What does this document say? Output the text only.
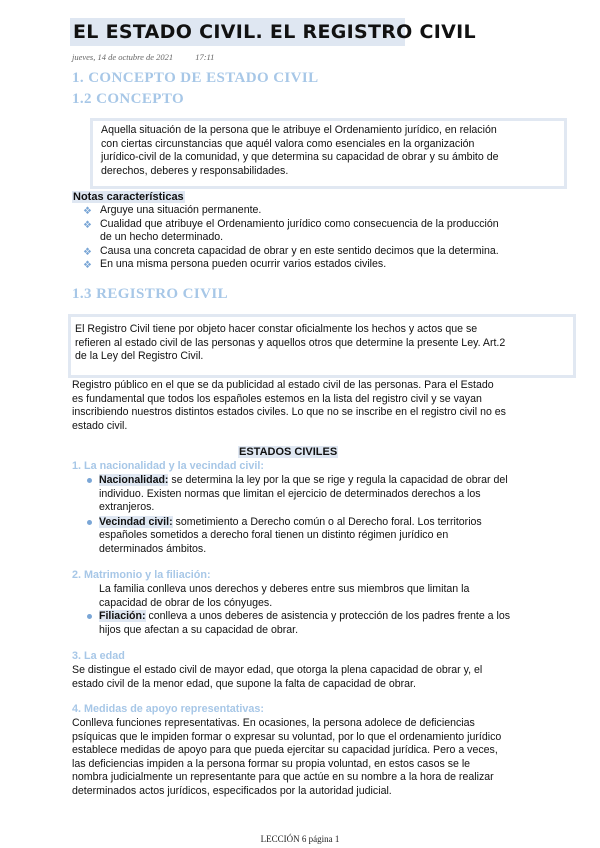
EL ESTADO CIVIL. EL REGISTRO CIVIL
jueves, 14 de octubre de 2021	17:11
1. CONCEPTO DE ESTADO CIVIL
1.2 CONCEPTO
Aquella situación de la persona que le atribuye el Ordenamiento jurídico, en relación
con ciertas circunstancias que aquél valora como esenciales en la organización
jurídico-civil de la comunidad, y que determina su capacidad de obrar y su ámbito de
derechos, deberes y responsabilidades.
Notas características
❖ Arguye una situación permanente.
❖ Cualidad que atribuye el Ordenamiento jurídico como consecuencia de la producción
de un hecho determinado.
❖ Causa una concreta capacidad de obrar y en este sentido decimos que la determina.
❖ En una misma persona pueden ocurrir varios estados civiles.
1.3 REGISTRO CIVIL
El Registro Civil tiene por objeto hacer constar oficialmente los hechos y actos que se
refieren al estado civil de las personas y aquellos otros que determine la presente Ley. Art.2
de la Ley del Registro Civil.
Registro público en el que se da publicidad al estado civil de las personas. Para el Estado
es fundamental que todos los españoles estemos en la lista del registro civil y se vayan
inscribiendo nuestros distintos estados civiles. Lo que no se inscribe en el registro civil no es
estado civil.
ESTADOS CIVILES
1. La nacionalidad y la vecindad civil:
Nacionalidad: se determina la ley por la que se rige y regula la capacidad de obrar del
individuo. Existen normas que limitan el ejercicio de determinados derechos a los
extranjeros.
Vecindad civil: sometimiento a Derecho común o al Derecho foral. Los territorios
españoles sometidos a derecho foral tienen un distinto régimen jurídico en
determinados ámbitos.
2. Matrimonio y la filiación:
La familia conlleva unos derechos y deberes entre sus miembros que limitan la
capacidad de obrar de los cónyuges.
Filiación: conlleva a unos deberes de asistencia y protección de los padres frente a los
hijos que afectan a su capacidad de obrar.
3. La edad
Se distingue el estado civil de mayor edad, que otorga la plena capacidad de obrar y, el
estado civil de la menor edad, que supone la falta de capacidad de obrar.
4. Medidas de apoyo representativas:
Conlleva funciones representativas. En ocasiones, la persona adolece de deficiencias
psíquicas que le impiden formar o expresar su voluntad, por lo que el ordenamiento jurídico
establece medidas de apoyo para que pueda ejercitar su capacidad jurídica. Pero a veces,
las deficiencias impiden a la persona formar su propia voluntad, en estos casos se le
nombra judicialmente un representante para que actúe en su nombre a la hora de realizar
determinados actos jurídicos, especificados por la autoridad judicial.
LECCIÓN 6 página 1
